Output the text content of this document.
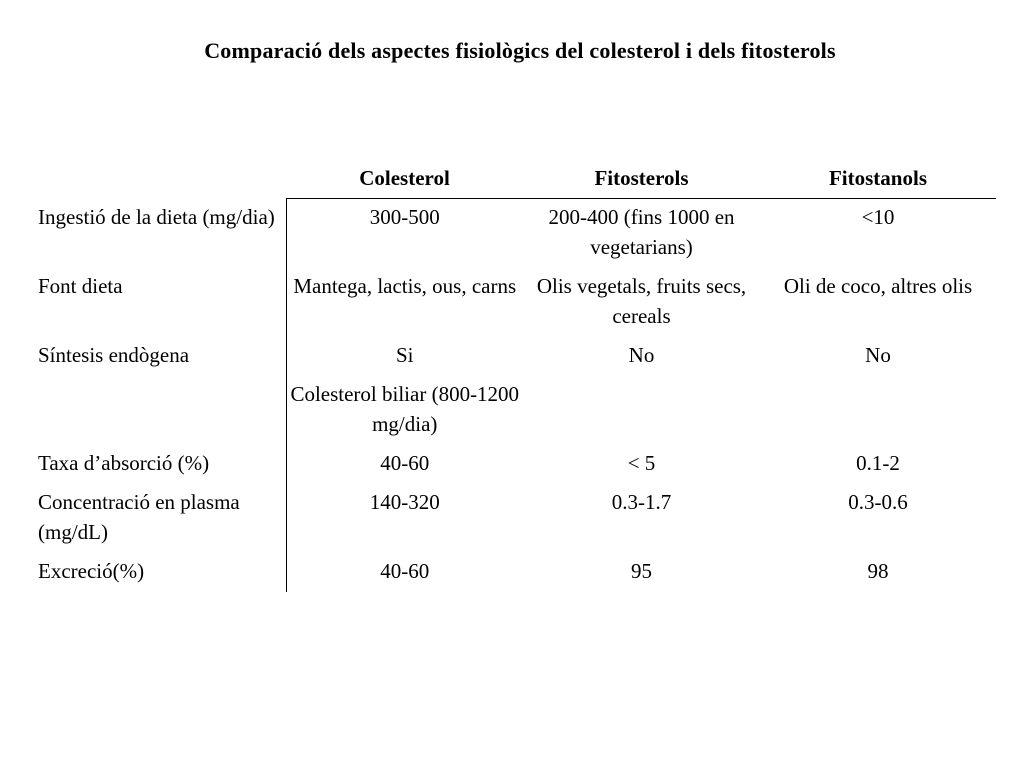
Comparació dels aspectes fisiològics del colesterol i dels fitosterols
	Colesterol	Fitosterols	Fitostanols
Ingestió de la dieta (mg/dia)	300-500	200-400 (fins 1000 en vegetarians)	<10
Font dieta	Mantega, lactis, ous, carns	Olis vegetals, fruits secs, cereals	Oli de coco, altres olis
Síntesis endògena	Si	No	No
	Colesterol biliar (800-1200 mg/dia)		
Taxa d’absorció (%)	40-60	< 5	0.1-2
Concentració en plasma (mg/dL)	140-320	0.3-1.7	0.3-0.6
Excreció(%)	40-60	95	98
